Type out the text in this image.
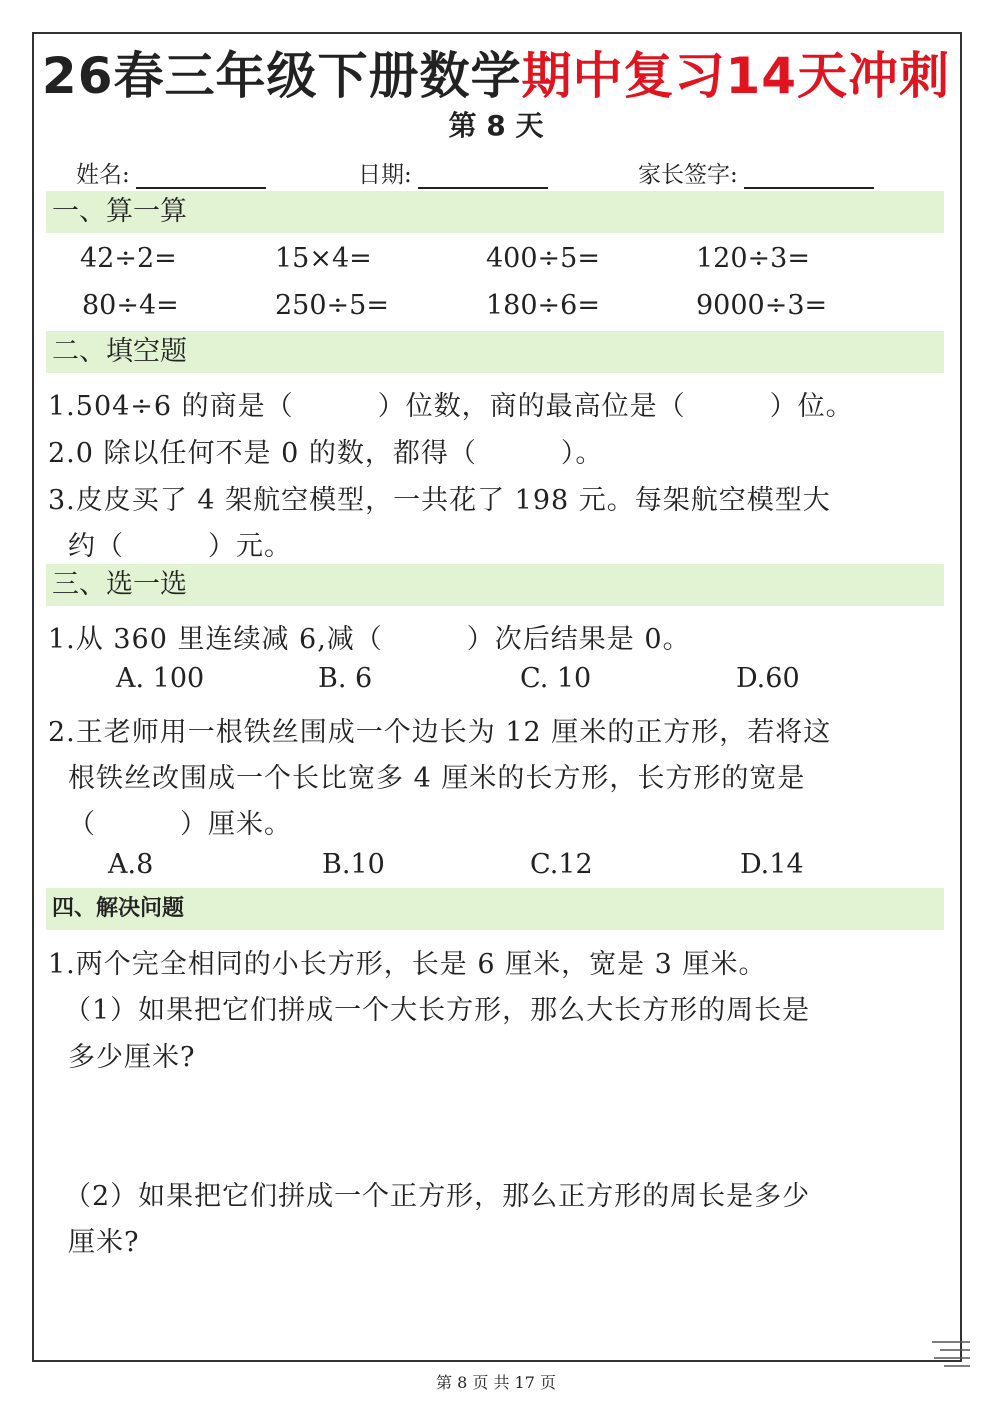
26春三年级下册数学期中复习14天冲刺
第 8 天
姓名:	日期:	家长签字:
一、算一算
42÷2=	15×4=	400÷5=	120÷3=
80÷4=	250÷5=	180÷6=	9000÷3=
二、填空题
1.504÷6 的商是（　　　）位数，商的最高位是（　　　）位。
2.0 除以任何不是 0 的数，都得（　　　）。
3.皮皮买了 4 架航空模型，一共花了 198 元。每架航空模型大
约（　　　）元。
三、选一选
1.从 360 里连续减 6,减（　　　）次后结果是 0。
A. 100	B. 6	C. 10	D.60
2.王老师用一根铁丝围成一个边长为 12 厘米的正方形，若将这
根铁丝改围成一个长比宽多 4 厘米的长方形，长方形的宽是
（　　　）厘米。
A.8	B.10	C.12	D.14
四、解决问题
1.两个完全相同的小长方形，长是 6 厘米，宽是 3 厘米。
（1）如果把它们拼成一个大长方形，那么大长方形的周长是
多少厘米?
（2）如果把它们拼成一个正方形，那么正方形的周长是多少
厘米?
第 8 页 共 17 页
